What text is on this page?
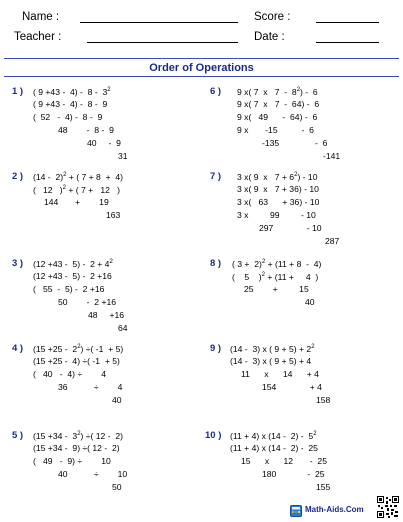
Name :	Score :
Teacher :	Date :
Order of Operations
1 ) ( $9 +43 - 4) - 8 - 3^2$
( 9 +43 -  4) -  8 -  9
(  52   -  4) -  8 -  9
48        -  8 -  9
40     -  9
31
2 ) (14 -  2)$^2$ + ( 7 + 8  +  4)
(   12   )$^2$ + ( 7 +   12   )
144       +        19
163
3 ) $(12 +43 - 5) - 2 + 4^2$
(12 +43 -  5) -  2 +16
(   55  -  5) -  2 +16
50        -  2 +16
48     +16
64
4 ) $(15 +25 - 2^2)$ ÷( -1  + 5)
(15 +25 -  4) ÷( -1  + 5)
(   40   -  4) ÷        4
36           ÷        4
40
5 ) $(15 +34 - 3^2)$ ÷( 12 -  2)
(15 +34 -  9) ÷( 12 -  2)
(   49   -  9) ÷        10
40           ÷        10
50
6 ) 9 x( 7  x   $7 - 8^2) - 6$
9 x( 7  x   7  -  64) -  6
9 x(   49      -  64) -  6
9 x       -15          -  6
-135               -  6
-141
7 ) 3 x( 9  x   $7 + 6^2) - 10$
3 x( 9  x   7 + 36) - 10
3 x(   63      + 36) - 10
3 x         99         - 10
297              - 10
287
8 ) ( 3 +  2)$^2$ + (11 + 8  -  4)
(    5    )$^2$ + (11 +     4  )
25        +         15
40
9 ) (14 -  3) x ( $9 + 5) + 2^2$
(14 -  3) x ( 9 + 5) + 4
11      x      14      + 4
154              + 4
158
10 ) (11 + 4) x $(14 - 2) - 5^2$
(11 + 4) x (14 -  2) -  25
15      x      12       -  25
180             -  25
155
Math-Aids.Com
